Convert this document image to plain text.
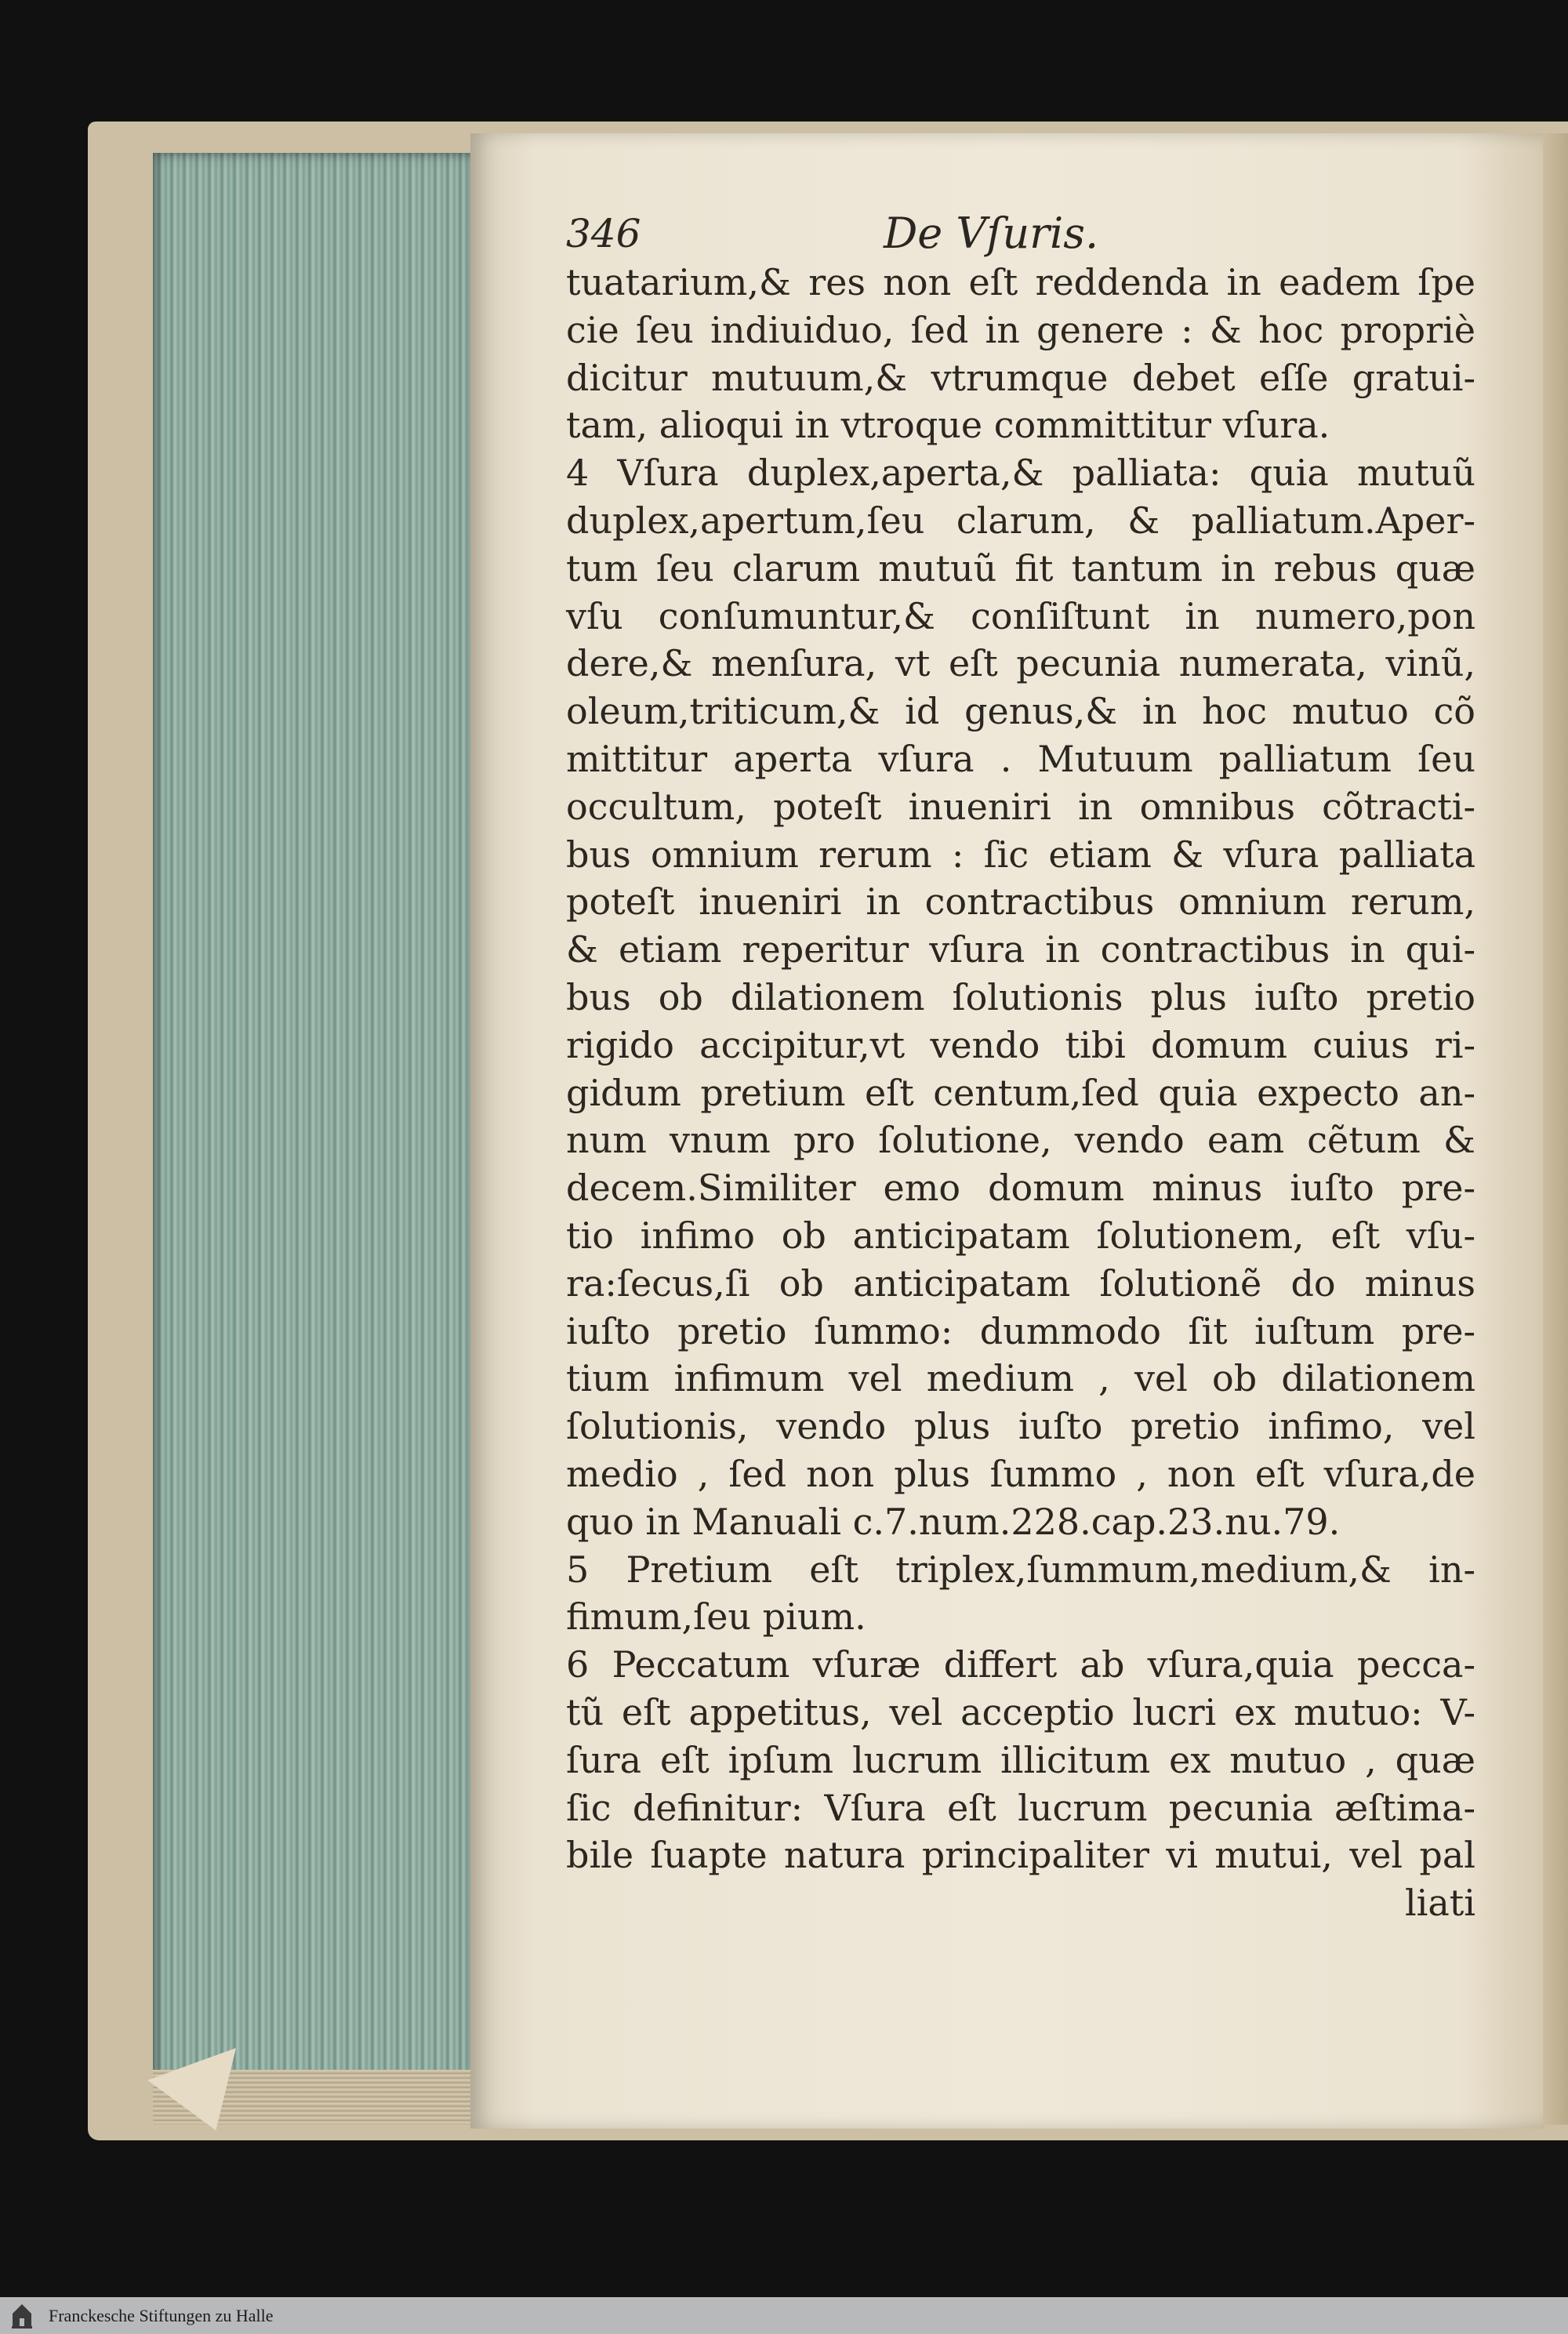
346	De Vſuris.
tuatarium,& res non eſt reddenda in eadem ſpe
cie ſeu indiuiduo, ſed in genere : & hoc propriè
dicitur mutuum,& vtrumque debet eſſe gratui-
tam, alioqui in vtroque committitur vſura.
4 Vſura duplex,aperta,& palliata: quia mutuũ
duplex,apertum,ſeu clarum, & palliatum.Aper-
tum ſeu clarum mutuũ fit tantum in rebus quæ
vſu conſumuntur,& conſiſtunt in numero,pon
dere,& menſura, vt eſt pecunia numerata, vinũ,
oleum,triticum,& id genus,& in hoc mutuo cõ
mittitur aperta vſura . Mutuum palliatum ſeu
occultum, poteſt inueniri in omnibus cõtracti-
bus omnium rerum : ſic etiam & vſura palliata
poteſt inueniri in contractibus omnium rerum,
& etiam reperitur vſura in contractibus in qui-
bus ob dilationem ſolutionis plus iuſto pretio
rigido accipitur,vt vendo tibi domum cuius ri-
gidum pretium eſt centum,ſed quia expecto an-
num vnum pro ſolutione, vendo eam cẽtum &
decem.Similiter emo domum minus iuſto pre-
tio infimo ob anticipatam ſolutionem, eſt vſu-
ra:ſecus,ſi ob anticipatam ſolutionẽ do minus
iuſto pretio ſummo: dummodo ſit iuſtum pre-
tium infimum vel medium , vel ob dilationem
ſolutionis, vendo plus iuſto pretio infimo, vel
medio , ſed non plus ſummo , non eſt vſura,de
quo in Manuali c.7.num.228.cap.23.nu.79.
5 Pretium eſt triplex,ſummum,medium,& in-
fimum,ſeu pium.
6 Peccatum vſuræ differt ab vſura,quia pecca-
tũ eſt appetitus, vel acceptio lucri ex mutuo: V-
ſura eſt ipſum lucrum illicitum ex mutuo , quæ
ſic definitur: Vſura eſt lucrum pecunia æſtima-
bile ſuapte natura principaliter vi mutui, vel pal
liati
Franckesche Stiftungen zu Halle
